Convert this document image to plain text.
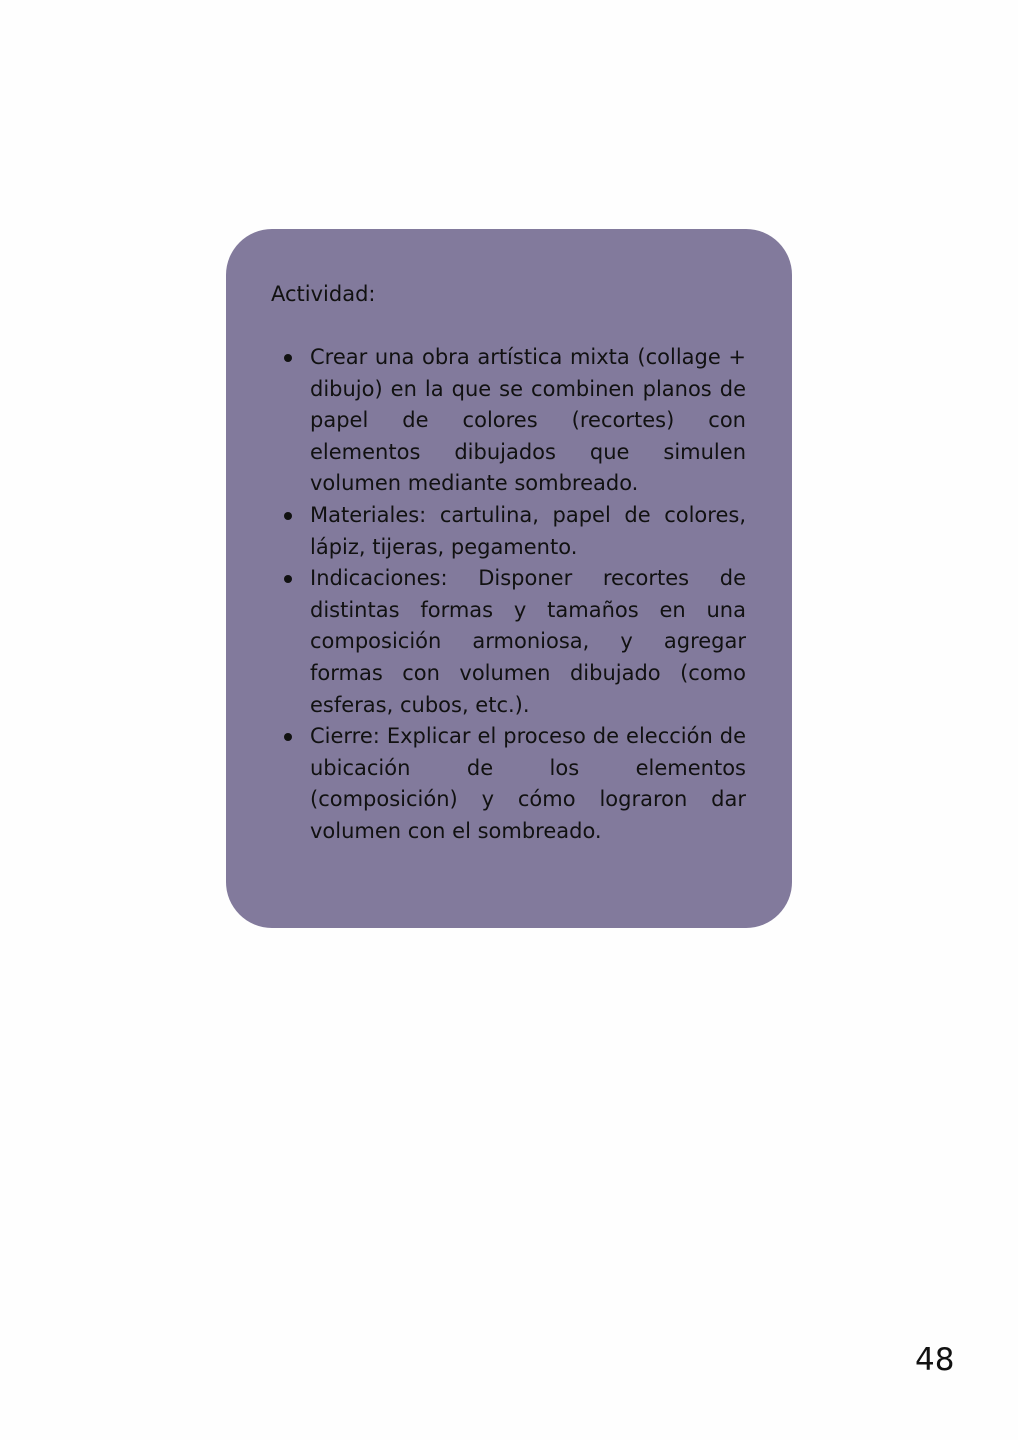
Actividad:

Crear una obra artística mixta (collage + dibujo) en la que se combinen planos de papel de colores (recortes) con elementos dibujados que simulen volumen mediante sombreado.
Materiales: cartulina, papel de colores, lápiz, tijeras, pegamento.
Indicaciones: Disponer recortes de distintas formas y tamaños en una composición armoniosa, y agregar formas con volumen dibujado (como esferas, cubos, etc.).
Cierre: Explicar el proceso de elección de ubicación de los elementos (composición) y cómo lograron dar volumen con el sombreado.
48
